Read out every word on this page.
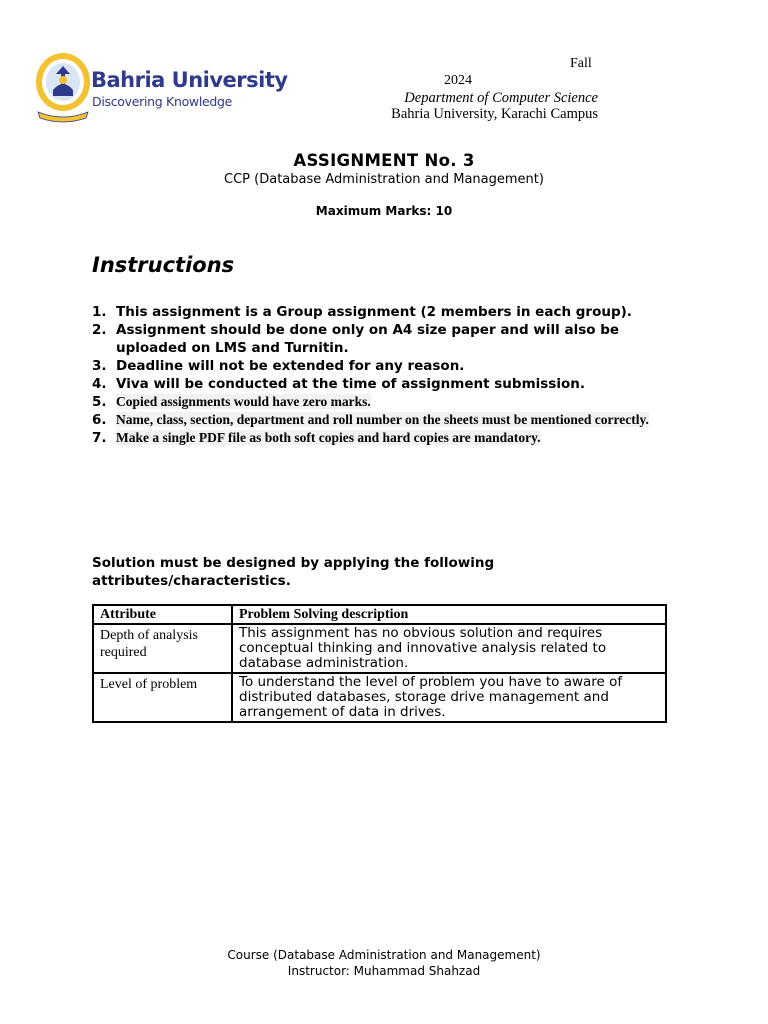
Bahria University
Discovering Knowledge
Fall
2024
Department of Computer Science
Bahria University, Karachi Campus
ASSIGNMENT No. 3
CCP (Database Administration and Management)
Maximum Marks: 10
Instructions
1. This assignment is a Group assignment (2 members in each group).
2. Assignment should be done only on A4 size paper and will also be uploaded on LMS and Turnitin.
3. Deadline will not be extended for any reason.
4. Viva will be conducted at the time of assignment submission.
5. Copied assignments would have zero marks.
6. Name, class, section, department and roll number on the sheets must be mentioned correctly.
7. Make a single PDF file as both soft copies and hard copies are mandatory.
Solution must be designed by applying the following attributes/characteristics.
Attribute	Problem Solving description
Depth of analysis required	This assignment has no obvious solution and requires conceptual thinking and innovative analysis related to database administration.
Level of problem	To understand the level of problem you have to aware of distributed databases, storage drive management and arrangement of data in drives.
Course (Database Administration and Management)
Instructor: Muhammad Shahzad
